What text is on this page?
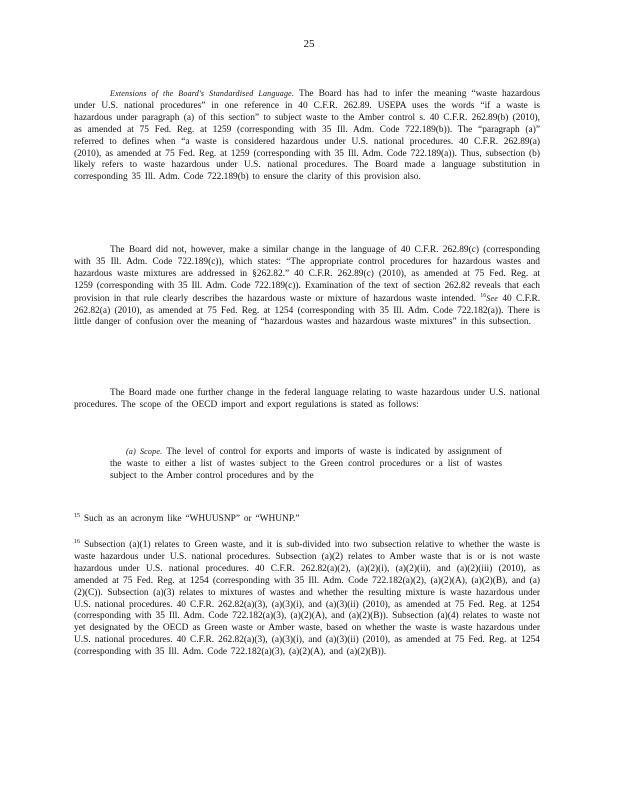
25

Extensions of the Board's Standardised Language. The Board has had to infer the meaning “waste hazardous under U.S. national procedures” in one reference in 40 C.F.R. 262.89. USEPA uses the words “if a waste is hazardous under paragraph (a) of this section” to subject waste to the Amber control s. 40 C.F.R. 262.89(b) (2010), as amended at 75 Fed. Reg. at 1259 (corresponding with 35 Ill. Adm. Code 722.189(b)). The “paragraph (a)” referred to defines when “a waste is considered hazardous under U.S. national procedures. 40 C.F.R. 262.89(a) (2010), as amended at 75 Fed. Reg. at 1259 (corresponding with 35 Ill. Adm. Code 722.189(a)). Thus, subsection (b) likely refers to waste hazardous under U.S. national procedures. The Board made a language substitution in corresponding 35 Ill. Adm. Code 722.189(b) to ensure the clarity of this provision also.

The Board did not, however, make a similar change in the language of 40 C.F.R. 262.89(c) (corresponding with 35 Ill. Adm. Code 722.189(c)), which states: “The appropriate control procedures for hazardous wastes and hazardous waste mixtures are addressed in §262.82.” 40 C.F.R. 262.89(c) (2010), as amended at 75 Fed. Reg. at 1259 (corresponding with 35 Ill. Adm. Code 722.189(c)). Examination of the text of section 262.82 reveals that each provision in that rule clearly describes the hazardous waste or mixture of hazardous waste intended. $^{16}$See 40 C.F.R. 262.82(a) (2010), as amended at 75 Fed. Reg. at 1254 (corresponding with 35 Ill. Adm. Code 722.182(a)). There is little danger of confusion over the meaning of “hazardous wastes and hazardous waste mixtures” in this subsection.

The Board made one further change in the federal language relating to waste hazardous under U.S. national procedures. The scope of the OECD import and export regulations is stated as follows:

(a) Scope. The level of control for exports and imports of waste is indicated by assignment of the waste to either a list of wastes subject to the Green control procedures or a list of wastes subject to the Amber control procedures and by the

$^{15}$ Such as an acronym like “WHUUSNP” or “WHUNP.”
$^{16}$ Subsection (a)(1) relates to Green waste, and it is sub-divided into two subsection relative to whether the waste is waste hazardous under U.S. national procedures. Subsection (a)(2) relates to Amber waste that is or is not waste hazardous under U.S. national procedures. 40 C.F.R. 262.82(a)(2), (a)(2)(i), (a)(2)(ii), and (a)(2)(iii) (2010), as amended at 75 Fed. Reg. at 1254 (corresponding with 35 Ill. Adm. Code 722.182(a)(2), (a)(2)(A), (a)(2)(B), and (a)(2)(C)). Subsection (a)(3) relates to mixtures of wastes and whether the resulting mixture is waste hazardous under U.S. national procedures. 40 C.F.R. 262.82(a)(3), (a)(3)(i), and (a)(3)(ii) (2010), as amended at 75 Fed. Reg. at 1254 (corresponding with 35 Ill. Adm. Code 722.182(a)(3), (a)(2)(A), and (a)(2)(B)). Subsection (a)(4) relates to waste not yet designated by the OECD as Green waste or Amber waste, based on whether the waste is waste hazardous under U.S. national procedures. 40 C.F.R. 262.82(a)(3), (a)(3)(i), and (a)(3)(ii) (2010), as amended at 75 Fed. Reg. at 1254 (corresponding with 35 Ill. Adm. Code 722.182(a)(3), (a)(2)(A), and (a)(2)(B)).
